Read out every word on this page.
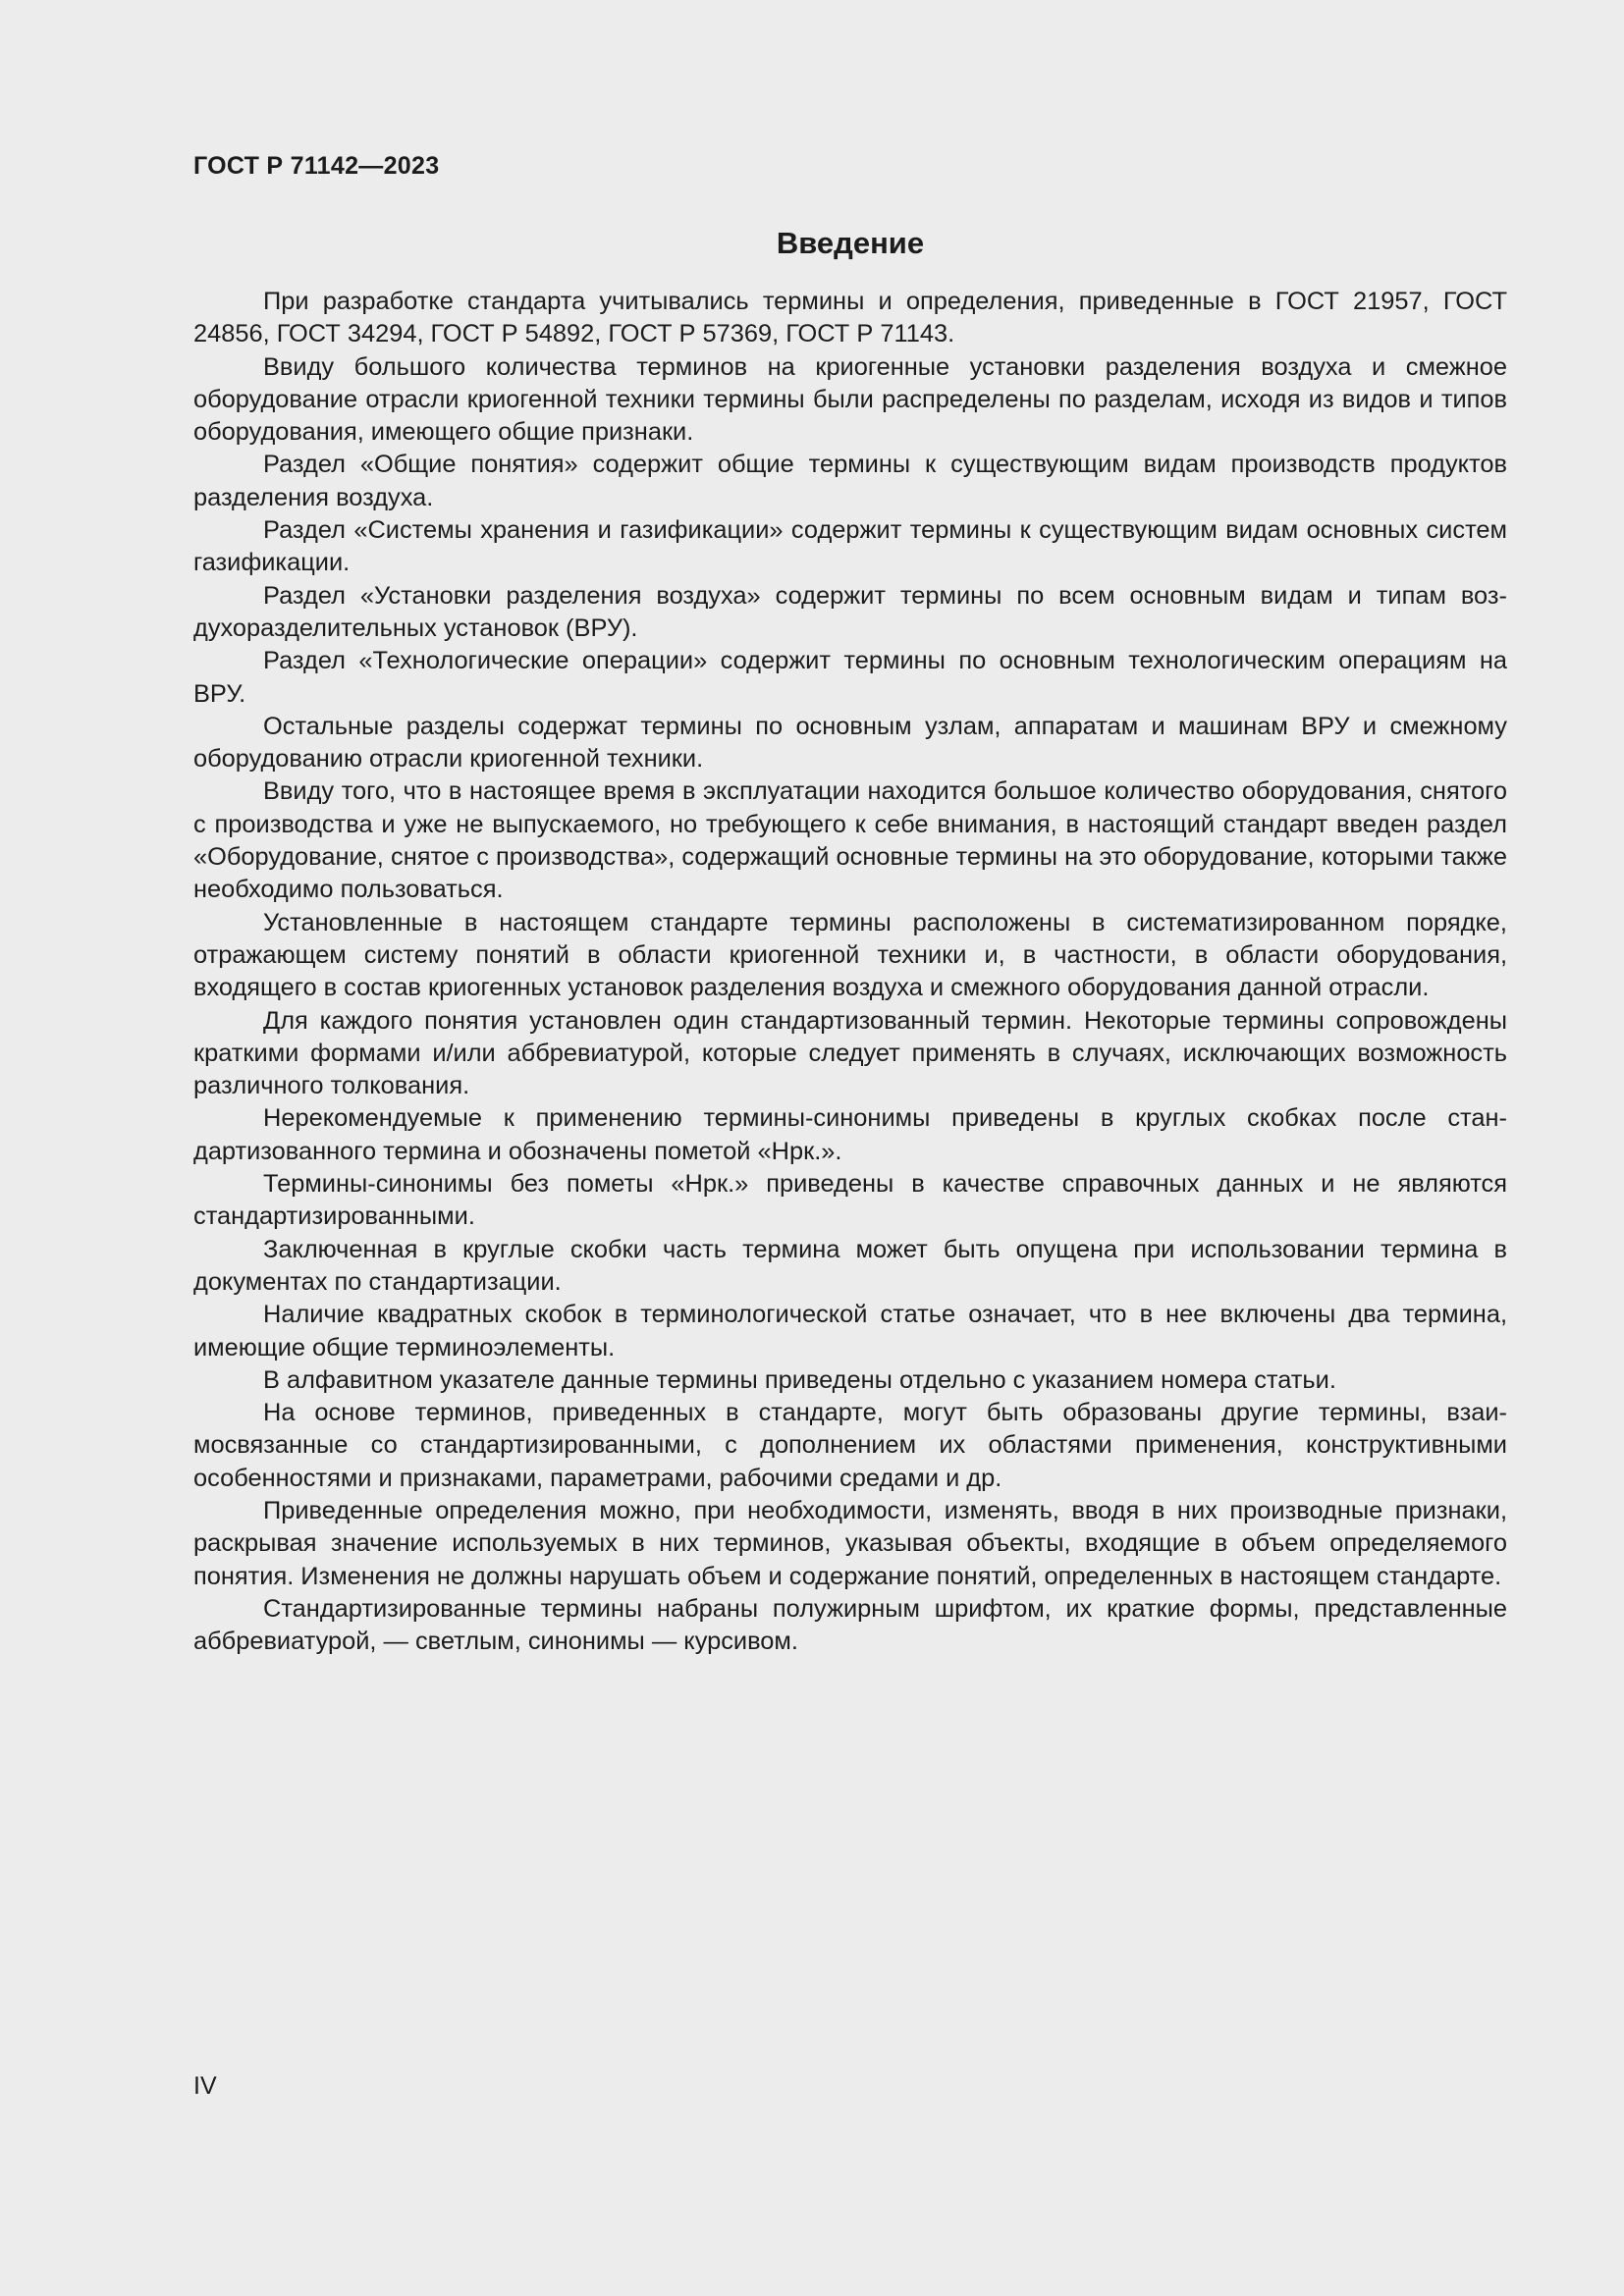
ГОСТ Р 71142—2023
Введение

При разработке стандарта учитывались термины и определения, приведенные в ГОСТ 21957, ГОСТ 24856, ГОСТ 34294, ГОСТ Р 54892, ГОСТ Р 57369, ГОСТ Р 71143.

Ввиду большого количества терминов на криогенные установки разделения воздуха и смежное оборудование отрасли криогенной техники термины были распределены по разделам, исходя из видов и типов оборудования, имеющего общие признаки.

Раздел «Общие понятия» содержит общие термины к существующим видам производств продуктов разделения воздуха.

Раздел «Системы хранения и газификации» содержит термины к существующим видам основных систем газификации.

Раздел «Установки разделения воздуха» содержит термины по всем основным видам и типам воздухоразделительных установок (ВРУ).

Раздел «Технологические операции» содержит термины по основным технологическим операциям на ВРУ.

Остальные разделы содержат термины по основным узлам, аппаратам и машинам ВРУ и смежному оборудованию отрасли криогенной техники.

Ввиду того, что в настоящее время в эксплуатации находится большое количество оборудования, снятого с производства и уже не выпускаемого, но требующего к себе внимания, в настоящий стандарт введен раздел «Оборудование, снятое с производства», содержащий основные термины на это оборудование, которыми также необходимо пользоваться.

Установленные в настоящем стандарте термины расположены в систематизированном порядке, отражающем систему понятий в области криогенной техники и, в частности, в области оборудования, входящего в состав криогенных установок разделения воздуха и смежного оборудования данной отрасли.

Для каждого понятия установлен один стандартизованный термин. Некоторые термины сопровождены краткими формами и/или аббревиатурой, которые следует применять в случаях, исключающих возможность различного толкования.

Нерекомендуемые к применению термины-синонимы приведены в круглых скобках после стандартизованного термина и обозначены пометой «Нрк.».

Термины-синонимы без пометы «Нрк.» приведены в качестве справочных данных и не являются стандартизированными.

Заключенная в круглые скобки часть термина может быть опущена при использовании термина в документах по стандартизации.

Наличие квадратных скобок в терминологической статье означает, что в нее включены два термина, имеющие общие терминоэлементы.

В алфавитном указателе данные термины приведены отдельно с указанием номера статьи.

На основе терминов, приведенных в стандарте, могут быть образованы другие термины, взаимосвязанные со стандартизированными, с дополнением их областями применения, конструктивными особенностями и признаками, параметрами, рабочими средами и др.

Приведенные определения можно, при необходимости, изменять, вводя в них производные признаки, раскрывая значение используемых в них терминов, указывая объекты, входящие в объем определяемого понятия. Изменения не должны нарушать объем и содержание понятий, определенных в настоящем стандарте.

Стандартизированные термины набраны полужирным шрифтом, их краткие формы, представленные аббревиатурой, — светлым, синонимы — курсивом.

IV
